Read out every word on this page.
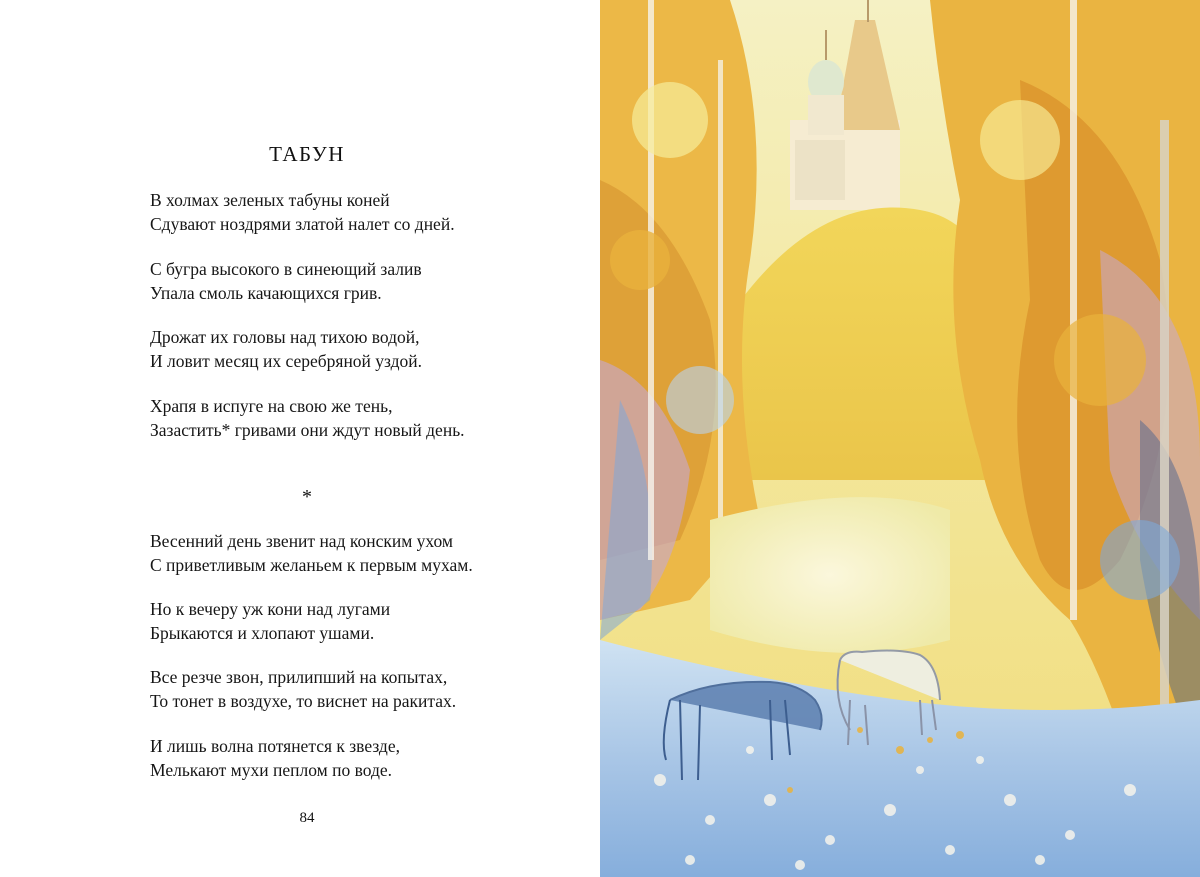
ТАБУН

В холмах зеленых табуны коней
Сдувают ноздрями златой налет со дней.

С бугра высокого в синеющий залив
Упала смоль качающихся грив.

Дрожат их головы над тихою водой,
И ловит месяц их серебряной уздой.

Храпя в испуге на свою же тень,
Зазастить* гривами они ждут новый день.

*

Весенний день звенит над конским ухом
С приветливым желаньем к первым мухам.

Но к вечеру уж кони над лугами
Брыкаются и хлопают ушами.

Все резче звон, прилипший на копытах,
То тонет в воздухе, то виснет на ракитах.

И лишь волна потянется к звезде,
Мелькают мухи пеплом по воде.

84
